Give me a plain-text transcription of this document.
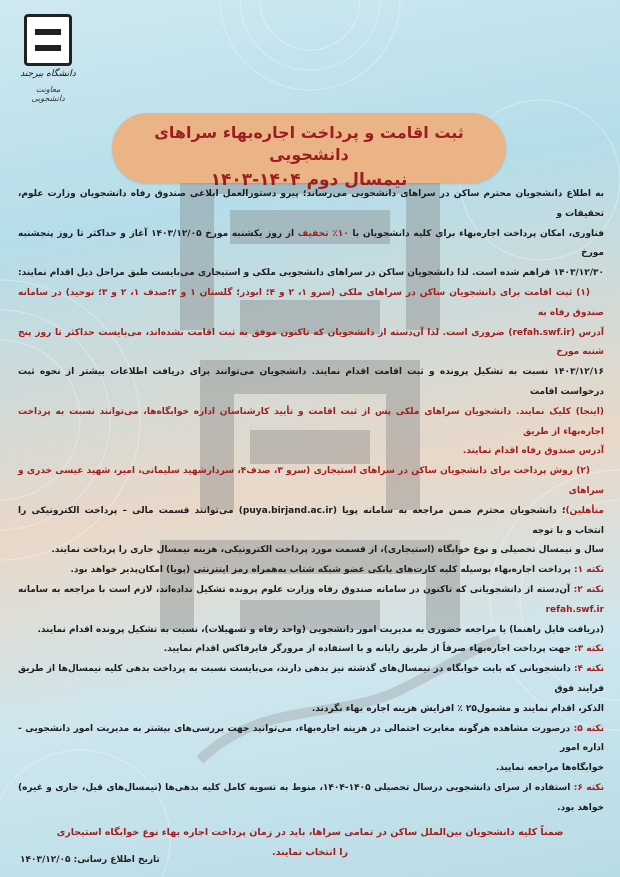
دانشگاه بیرجند
معاونت دانشجویی
ثبت اقامت و پرداخت اجاره‌بهاء سراهای دانشجویی
نیمسال دوم ۱۴۰۴-۱۴۰۳

به اطلاع دانشجویان محترم ساکن در سراهای دانشجویی می‌رساند؛ پیرو دستورالعمل ابلاغی صندوق رفاه دانشجویان وزارت علوم، تحقیقات و

فناوری، امکان پرداخت اجاره‌بهاء برای کلیه دانشجویان با ۱۰٪ تخفیف از روز یکشنبه مورخ ۱۴۰۳/۱۲/۰۵ آغاز و حداکثر تا روز پنجشنبه مورخ

۱۴۰۳/۱۲/۳۰ فراهم شده است. لذا دانشجویان ساکن در سراهای دانشجویی ملکی و استیجاری می‌بایست طبق مراحل ذیل اقدام نمایند:

(۱) ثبت اقامت برای دانشجویان ساکن در سراهای ملکی (سرو ۱، ۲ و ۴؛ ابوذر؛ گلستان ۱ و ۲؛صدف ۱، ۲ و ۳؛ توحید) در سامانه صندوق رفاه به

آدرس (refah.swf.ir) ضروری است. لذا آن‌دسته از دانشجویان که تاکنون موفق به ثبت اقامت نشده‌اند، می‌بایست حداکثر تا روز پنج شنبه مورخ

۱۴۰۳/۱۲/۱۶ نسبت به تشکیل پرونده و ثبت اقامت اقدام نمایند. دانشجویان می‌توانند برای دریافت اطلاعات بیشتر از نحوه ثبت درخواست اقامت

(اینجا) کلیک نمایند. دانشجویان سراهای ملکی پس از ثبت اقامت و تأیید کارشناسان اداره خوابگاه‌ها، می‌توانند نسبت به پرداخت اجاره‌بهاء از طریق

آدرس صندوق رفاه اقدام نمایند.

(۲) روش پرداخت برای دانشجویان ساکن در سراهای استیجاری (سرو ۳، صدف۴، سردارشهید سلیمانی، امیر، شهید عیسی خدری و سراهای

متأهلین)؛ دانشجویان محترم ضمن مراجعه به سامانه پویا (puya.birjand.ac.ir) می‌توانند قسمت مالی – پرداخت الکترونیکی را انتخاب و با توجه

سال و نیمسال تحصیلی و نوع خوابگاه (استیجاری)، از قسمت مورد پرداخت الکترونیکی، هزینه نیمسال جاری را پرداخت نمایند.

نکته ۱: پرداخت اجاره‌بهاء بوسیله کلیه کارت‌های بانکی عضو شبکه شتاب به‌همراه رمز اینترنتی (پویا) امکان‌پذیر خواهد بود.

نکته ۲: آن‌دسته از دانشجویانی که تاکنون در سامانه صندوق رفاه وزارت علوم پرونده تشکیل نداده‌اند، لازم است با مراجعه به سامانه refah.swf.ir

(دریافت فایل راهنما) یا مراجعه حضوری به مدیریت امور دانشجویی (واحد رفاه و تسهیلات)، نسبت به تشکیل پرونده اقدام نمایند.

نکته ۳: جهت پرداخت اجاره‌بهاء صرفاً از طریق رایانه و با استفاده از مرورگر فایرفاکس اقدام نمایید.

نکته ۴: دانشجویانی که بابت خوابگاه در نیمسال‌های گذشته نیز بدهی دارند، می‌بایست نسبت به پرداخت بدهی کلیه نیمسال‌ها از طریق فرایند فوق

الذکر، اقدام نمایند و مشمول۲۵ ٪ افزایش هزینه اجاره بهاء نگردند.

نکته ۵: درصورت مشاهده هرگونه مغایرت احتمالی در هزینه اجاره‌بهاء، می‌توانید جهت بررسی‌های بیشتر به مدیریت امور دانشجویی - اداره امور

خوابگاه‌ها مراجعه نمایید.

نکته ۶: استفاده از سرای دانشجویی درسال تحصیلی ۱۴۰۵-۱۴۰۴، منوط به تسویه کامل کلیه بدهی‌ها (نیمسال‌های قبل، جاری و غیره) خواهد بود.

ضمناً کلیه دانشجویان بین‌الملل ساکن در تمامی سراها، باید در زمان پرداخت اجاره بهاء نوع خوابگاه استیجاری
را انتخاب نمایند.
تاریخ اطلاع رسانی: ۱۴۰۳/۱۲/۰۵
